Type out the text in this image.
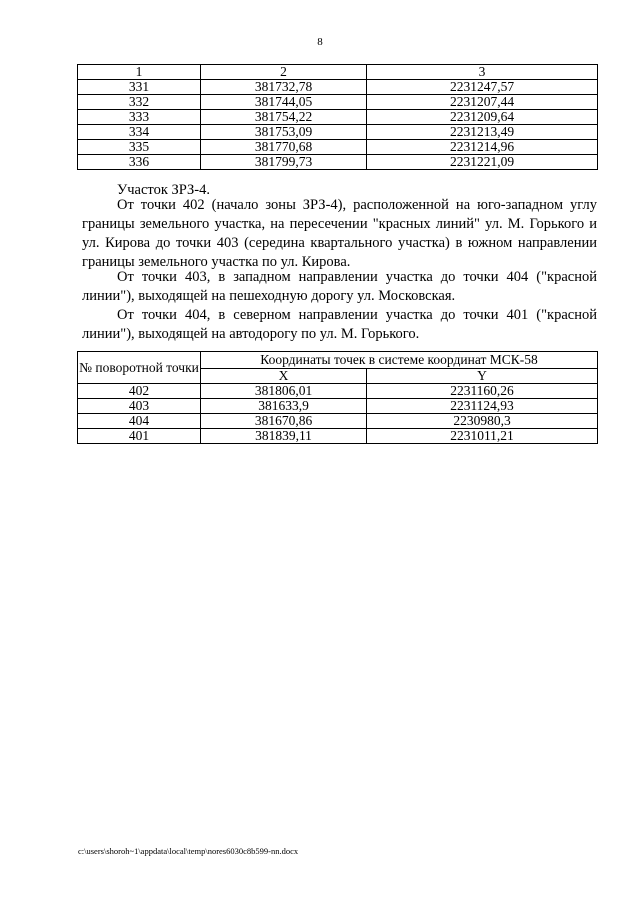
8
1	2	3
331	381732,78	2231247,57
332	381744,05	2231207,44
333	381754,22	2231209,64
334	381753,09	2231213,49
335	381770,68	2231214,96
336	381799,73	2231221,09

Участок ЗРЗ-4.

От точки 402 (начало зоны ЗРЗ-4), расположенной на юго-западном углу границы земельного участка, на пересечении "красных линий" ул. М. Горького и ул. Кирова до точки 403 (середина квартального участка) в южном направлении границы земельного участка по ул. Кирова.

От точки 403, в западном направлении участка до точки 404 ("красной линии"), выходящей на пешеходную дорогу ул. Московская.

От точки 404, в северном направлении участка до точки 401 ("красной линии"), выходящей на автодорогу по ул. М. Горького.

№ поворотной точки	Координаты точек в системе координат МСК-58	
	X	Y
402	381806,01	2231160,26
403	381633,9	2231124,93
404	381670,86	2230980,3
401	381839,11	2231011,21
c:\users\shoroh~1\appdata\local\temp\nores6030c8b599-nn.docx
